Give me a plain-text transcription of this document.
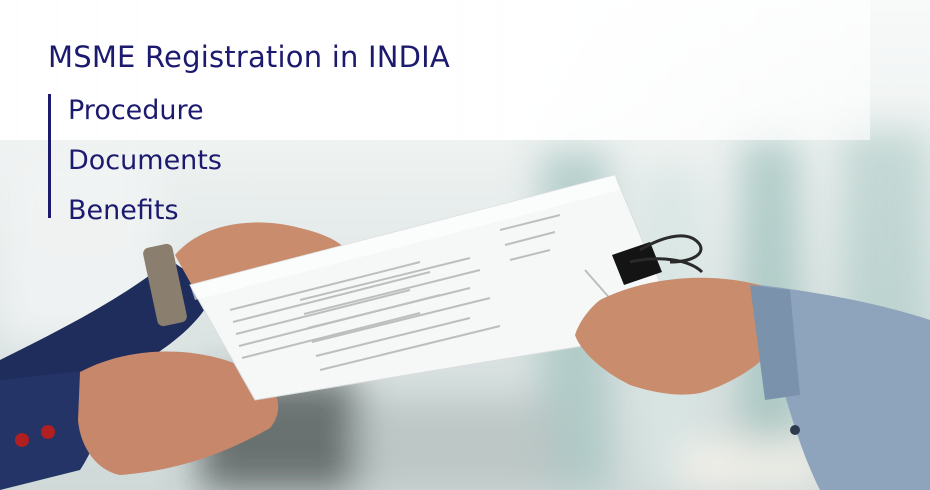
MSME Registration in INDIA
Procedure
Documents
Benefits
